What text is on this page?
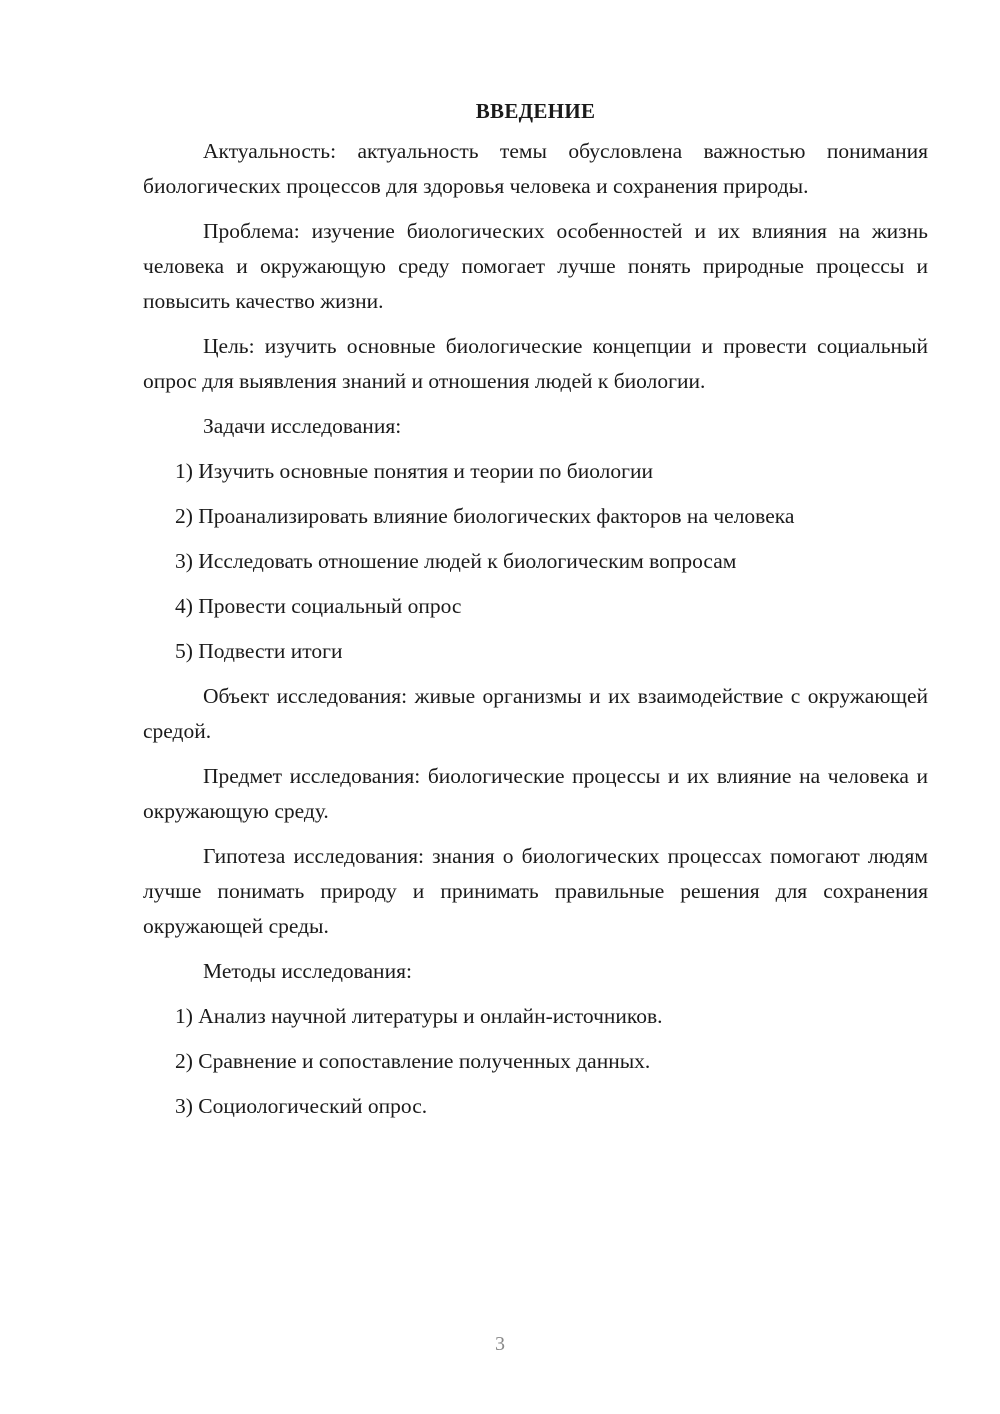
ВВЕДЕНИЕ

Актуальность: актуальность темы обусловлена важностью понимания биологических процессов для здоровья человека и сохранения природы.

Проблема: изучение биологических особенностей и их влияния на жизнь человека и окружающую среду помогает лучше понять природные процессы и повысить качество жизни.

Цель: изучить основные биологические концепции и провести социальный опрос для выявления знаний и отношения людей к биологии.

Задачи исследования:

1) Изучить основные понятия и теории по биологии
2) Проанализировать влияние биологических факторов на человека
3) Исследовать отношение людей к биологическим вопросам
4) Провести социальный опрос
5) Подвести итоги

Объект исследования: живые организмы и их взаимодействие с окружающей средой.

Предмет исследования: биологические процессы и их влияние на человека и окружающую среду.

Гипотеза исследования: знания о биологических процессах помогают людям лучше понимать природу и принимать правильные решения для сохранения окружающей среды.

Методы исследования:

1) Анализ научной литературы и онлайн-источников.
2) Сравнение и сопоставление полученных данных.
3) Социологический опрос.
3
